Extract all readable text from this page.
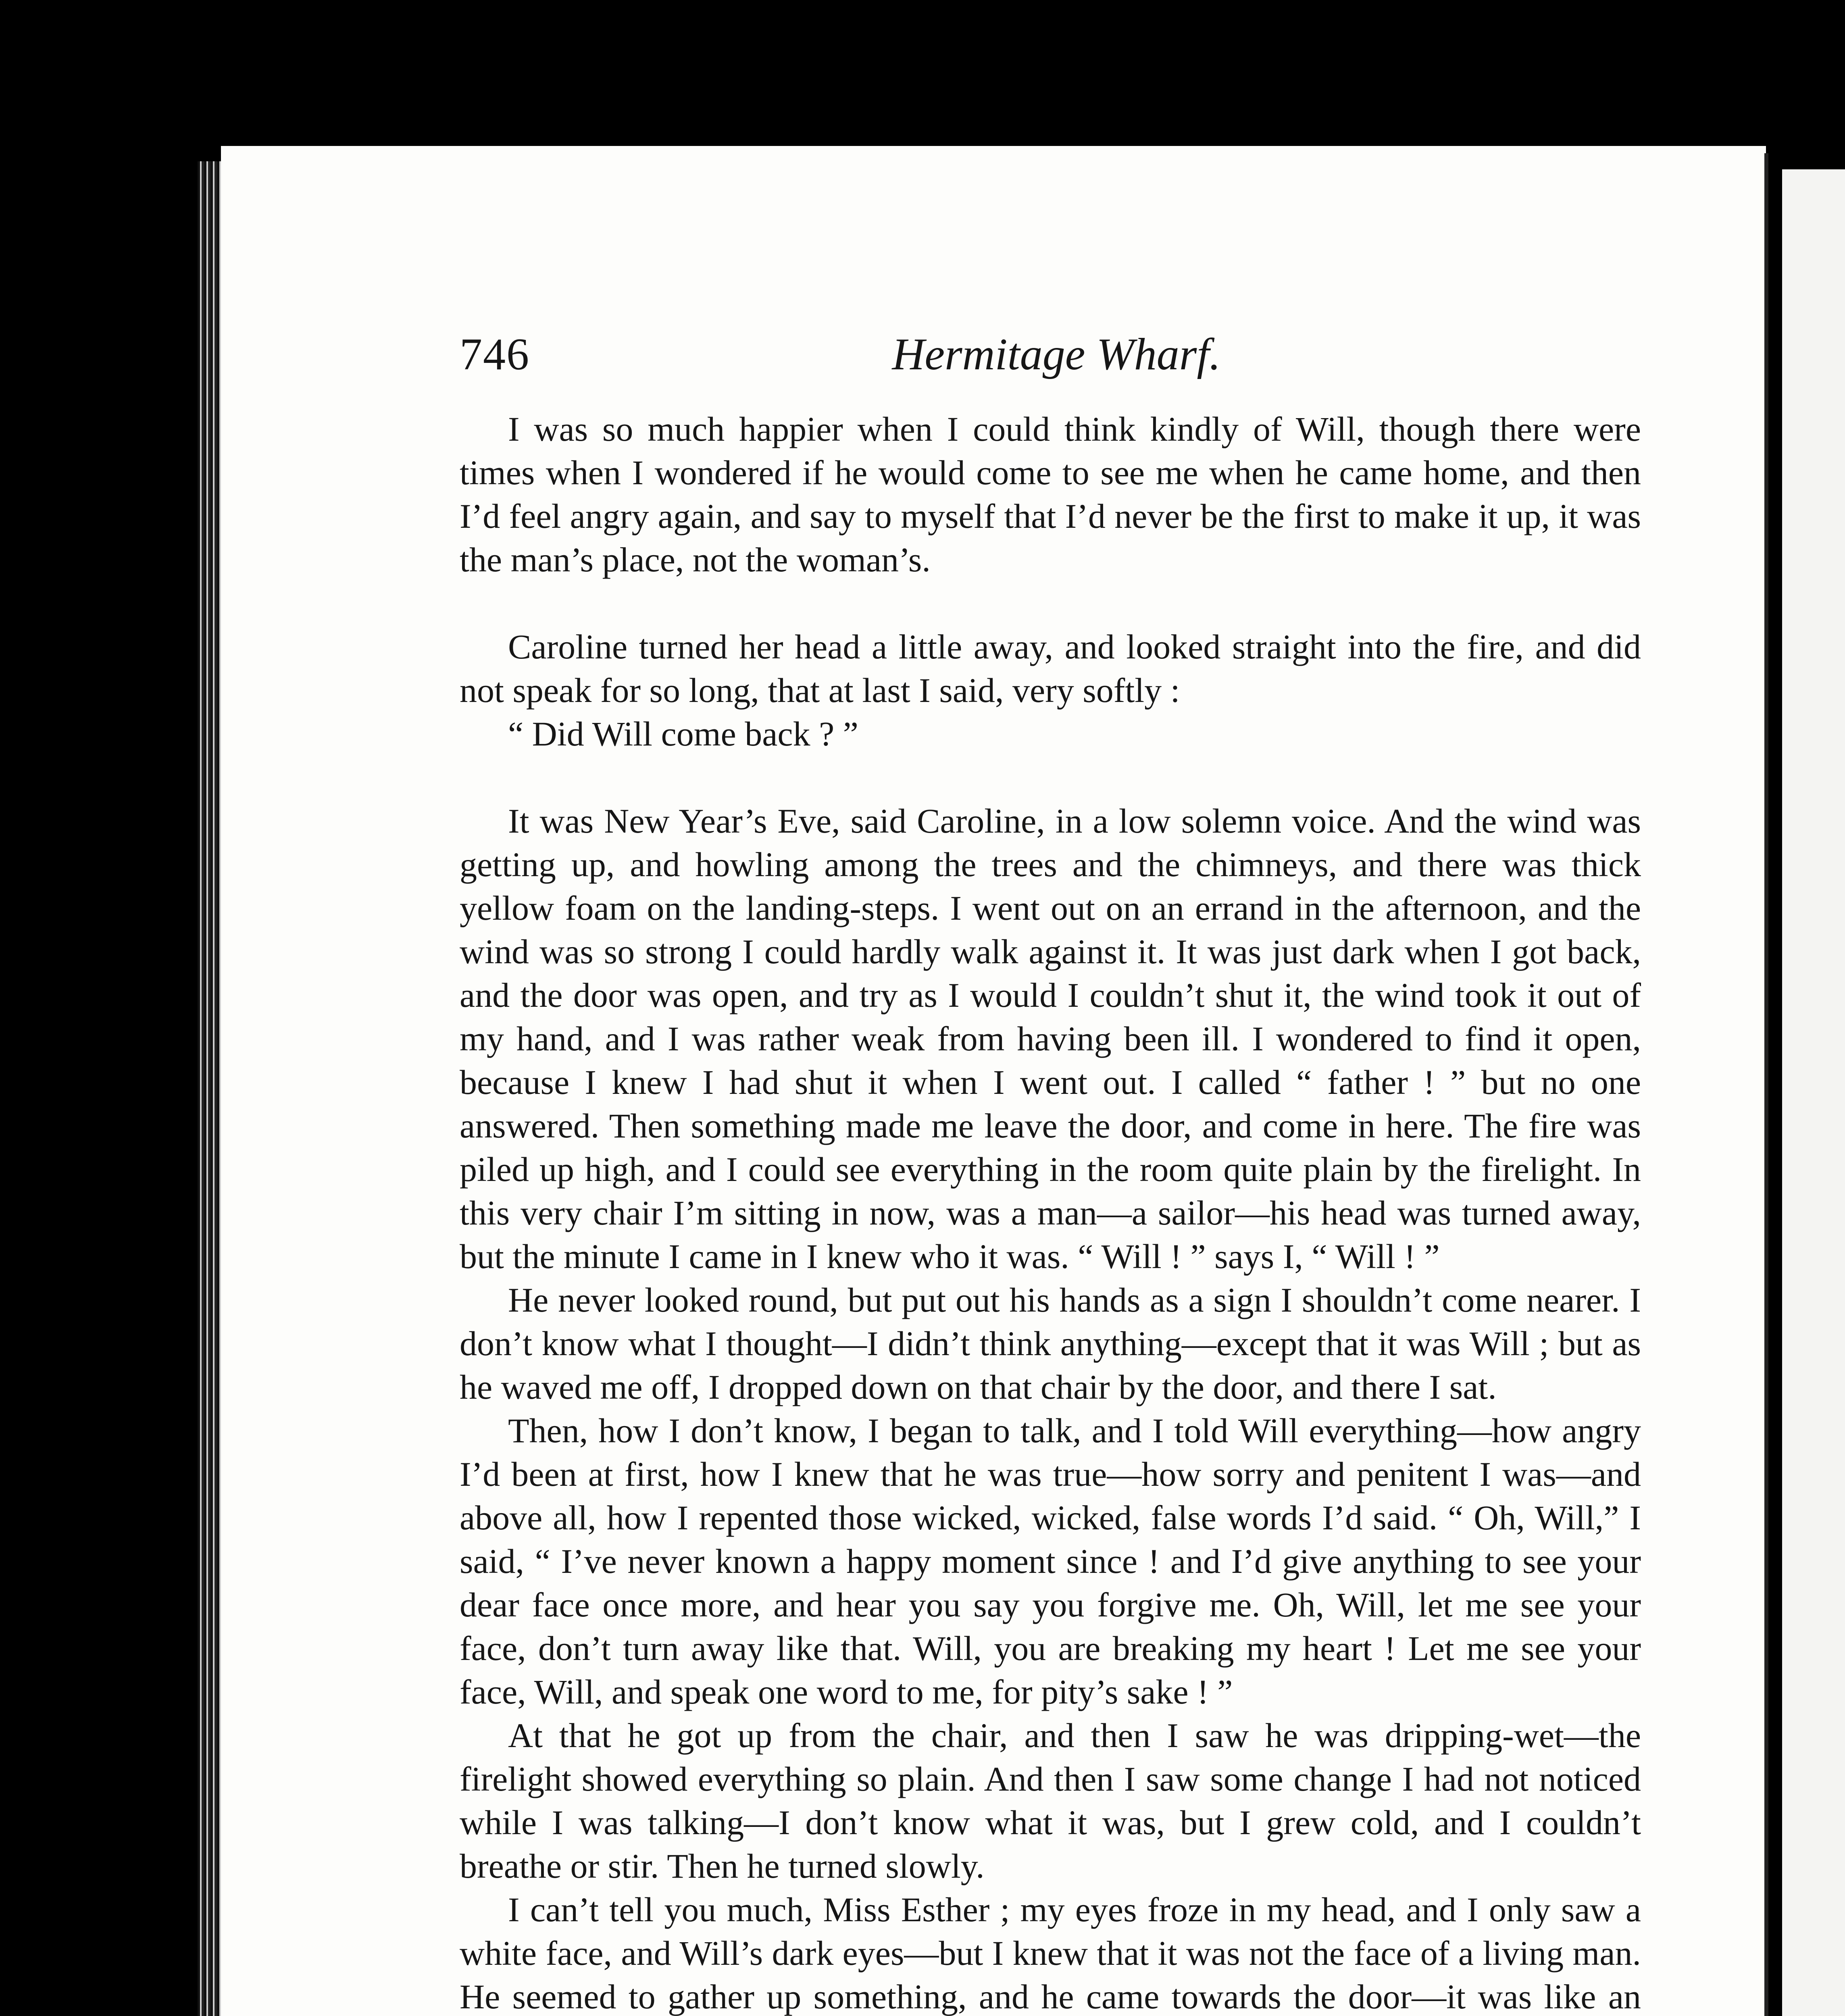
746	Hermitage Wharf.

I was so much happier when I could think kindly of Will, though there were times when I wondered if he would come to see me when he came home, and then I’d feel angry again, and say to myself that I’d never be the first to make it up, it was the man’s place, not the woman’s.

Caroline turned her head a little away, and looked straight into the fire, and did not speak for so long, that at last I said, very softly :

“ Did Will come back ? ”

It was New Year’s Eve, said Caroline, in a low solemn voice. And the wind was getting up, and howling among the trees and the chimneys, and there was thick yellow foam on the landing-steps. I went out on an errand in the afternoon, and the wind was so strong I could hardly walk against it. It was just dark when I got back, and the door was open, and try as I would I couldn’t shut it, the wind took it out of my hand, and I was rather weak from having been ill. I wondered to find it open, because I knew I had shut it when I went out. I called “ father ! ” but no one answered. Then something made me leave the door, and come in here. The fire was piled up high, and I could see everything in the room quite plain by the firelight. In this very chair I’m sitting in now, was a man—a sailor—his head was turned away, but the minute I came in I knew who it was. “ Will ! ” says I, “ Will ! ”

He never looked round, but put out his hands as a sign I shouldn’t come nearer. I don’t know what I thought—I didn’t think anything—except that it was Will ; but as he waved me off, I dropped down on that chair by the door, and there I sat.

Then, how I don’t know, I began to talk, and I told Will everything—how angry I’d been at first, how I knew that he was true—how sorry and penitent I was—and above all, how I repented those wicked, wicked, false words I’d said. “ Oh, Will,” I said, “ I’ve never known a happy moment since ! and I’d give anything to see your dear face once more, and hear you say you forgive me. Oh, Will, let me see your face, don’t turn away like that. Will, you are breaking my heart ! Let me see your face, Will, and speak one word to me, for pity’s sake ! ”

At that he got up from the chair, and then I saw he was dripping-wet—the firelight showed everything so plain. And then I saw some change I had not noticed while I was talking—I don’t know what it was, but I grew cold, and I couldn’t breathe or stir. Then he turned slowly.

I can’t tell you much, Miss Esther ; my eyes froze in my head, and I only saw a white face, and Will’s dark eyes—but I knew that it was not the face of a living man. He seemed to gather up something, and he came towards the door—it was like an
